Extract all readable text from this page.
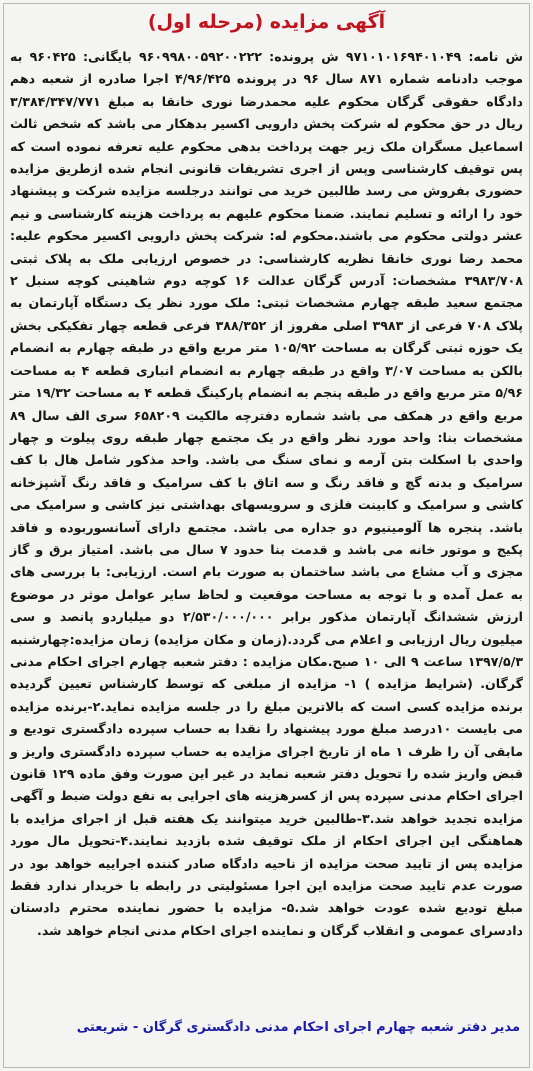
آگهی مزایده (مرحله اول)

ش نامه: ۹۷۱۰۱۰۱۶۹۴۰۱۰۴۹ ش پرونده: ۹۶۰۹۹۸۰۰۵۹۲۰۰۲۲۲ بایگانی: ۹۶۰۴۲۵ به موجب دادنامه شماره ۸۷۱ سال ۹۶ در پرونده ۴/۹۶/۴۲۵ اجرا صادره از شعبه دهم دادگاه حقوقی گرگان محکوم علیه محمدرضا نوری خانقا به مبلغ ۳/۳۸۴/۳۴۷/۷۷۱ ریال در حق محکوم له شرکت پخش دارویی اکسیر بدهکار می باشد که شخص ثالث اسماعیل مسگران ملک زیر جهت پرداخت بدهی محکوم علیه تعرفه نموده است که پس توقیف کارشناسی وپس از اجری تشریفات قانونی انجام شده ازطریق مزایده حضوری بفروش می رسد طالبین خرید می توانند درجلسه مزایده شرکت و پیشنهاد خود را ارائه و تسلیم نمایند. ضمنا محکوم علیهم به پرداخت هزینه کارشناسی و نیم عشر دولتی محکوم می باشند.محکوم له: شرکت پخش دارویی اکسیر محکوم علیه: محمد رضا نوری خانقا نظریه کارشناسی: در خصوص ارزیابی ملک به پلاک ثبتی ۳۹۸۳/۷۰۸ مشخصات: آدرس گرگان عدالت ۱۶ کوچه دوم شاهینی کوچه سنبل ۲ مجتمع سعید طبقه چهارم مشخصات ثبتی: ملک مورد نظر یک دستگاه آپارتمان به پلاک ۷۰۸ فرعی از ۳۹۸۳ اصلی مفروز از ۳۸۸/۳۵۲ فرعی قطعه چهار تفکیکی بخش یک حوزه ثبتی گرگان به مساحت ۱۰۵/۹۲ متر مربع واقع در طبقه چهارم به انضمام بالکن به مساحت ۳/۰۷ واقع در طبقه چهارم به انضمام انباری قطعه ۴ به مساحت ۵/۹۶ متر مربع واقع در طبقه پنجم به انضمام پارکینگ قطعه ۴ به مساحت ۱۹/۳۲ متر مربع واقع در همکف می باشد شماره دفترچه مالکیت ۶۵۸۲۰۹ سری الف سال ۸۹ مشخصات بنا: واحد مورد نظر واقع در یک مجتمع چهار طبقه روی پیلوت و چهار واحدی با اسکلت بتن آرمه و نمای سنگ می باشد. واحد مذکور شامل هال با کف سرامیک و بدنه گچ و فاقد رنگ و سه اتاق با کف سرامیک و فاقد رنگ آشپزخانه کاشی و سرامیک و کابینت فلزی و سرویسهای بهداشتی نیز کاشی و سرامیک می باشد. پنجره ها آلومینیوم دو جداره می باشد. مجتمع دارای آسانسوربوده و فاقد پکیج و موتور خانه می باشد و قدمت بنا حدود ۷ سال می باشد. امتیاز برق و گاز مجزی و آب مشاع می باشد ساختمان به صورت بام است. ارزیابی: با بررسی های به عمل آمده و با توجه به مساحت موقعیت و لحاظ سایر عوامل موثر در موضوع ارزش ششدانگ آپارتمان مذکور برابر ۲/۵۳۰/۰۰۰/۰۰۰ دو میلیاردو پانصد و سی میلیون ریال ارزیابی و اعلام می گردد.(زمان و مکان مزایده) زمان مزایده:چهارشنبه ۱۳۹۷/۵/۳ ساعت ۹ الی ۱۰ صبح.مکان مزایده : دفتر شعبه چهارم اجرای احکام مدنی گرگان. (شرایط مزایده ) ۱- مزایده از مبلغی که توسط کارشناس تعیین گردیده برنده مزایده کسی است که بالاترین مبلغ را در جلسه مزایده نماید.۲-برنده مزایده می بایست ۱۰درصد مبلغ مورد پیشنهاد را نقدا به حساب سپرده دادگستری تودیع و مابقی آن را ظرف ۱ ماه از تاریخ اجرای مزایده به حساب سپرده دادگستری واریز و قبض واریز شده را تحویل دفتر شعبه نماید در غیر این صورت وفق ماده ۱۲۹ قانون اجرای احکام مدنی سپرده پس از کسرهزینه های اجرایی به نفع دولت ضبط و آگهی مزایده تجدید خواهد شد.۳-طالبین خرید میتوانند یک هفته قبل از اجرای مزایده با هماهنگی این اجرای احکام از ملک توقیف شده بازدید نمایند.۴-تحویل مال مورد مزایده پس از تایید صحت مزایده از ناحیه دادگاه صادر کننده اجراییه خواهد بود در صورت عدم تایید صحت مزایده این اجرا مسئولیتی در رابطه با خریدار ندارد فقط مبلغ تودیع شده عودت خواهد شد.۵- مزایده با حضور نماینده محترم دادستان دادسرای عمومی و انقلاب گرگان و نماینده اجرای احکام مدنی انجام خواهد شد.

مدیر دفتر شعبه چهارم اجرای احکام مدنی دادگستری گرگان - شریعتی
